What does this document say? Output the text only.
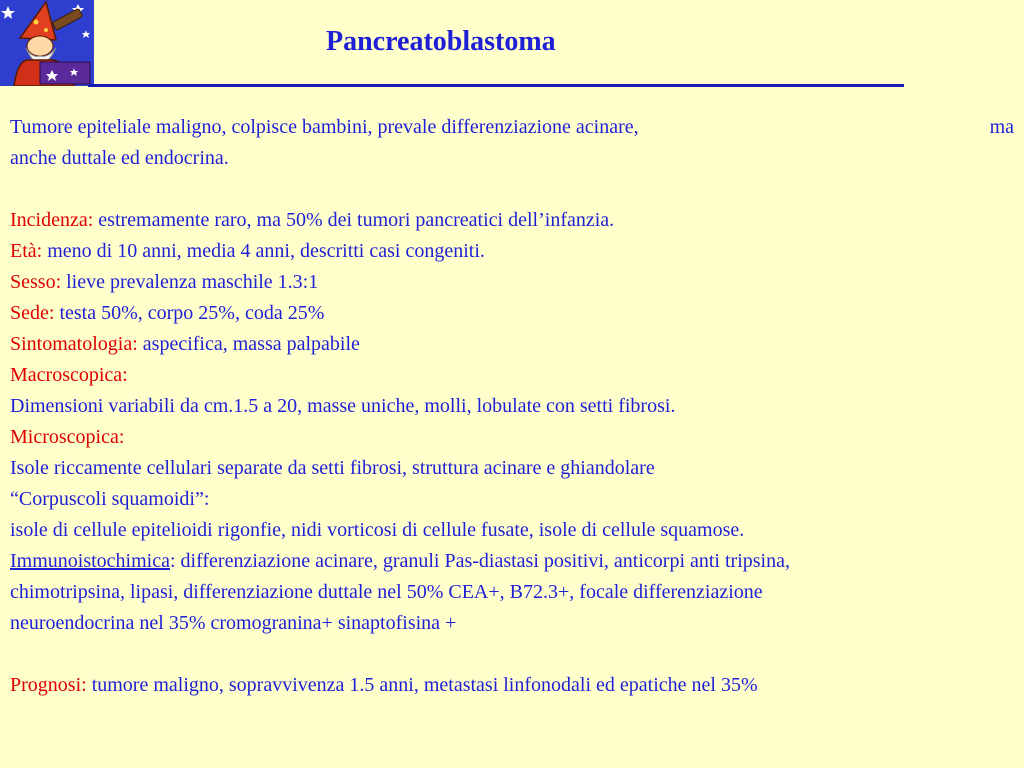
Pancreatoblastoma
Tumore epiteliale maligno, colpisce bambini, prevale differenziazione acinare,	ma
anche duttale ed endocrina.
Incidenza: estremamente raro, ma 50% dei tumori pancreatici dell’infanzia.
Età: meno di 10 anni, media 4 anni, descritti casi congeniti.
Sesso: lieve prevalenza maschile 1.3:1
Sede: testa 50%, corpo 25%, coda 25%
Sintomatologia: aspecifica, massa palpabile
Macroscopica:
Dimensioni variabili da cm.1.5 a 20, masse uniche, molli, lobulate con setti fibrosi.
Microscopica:
Isole riccamente cellulari separate da setti fibrosi, struttura acinare e ghiandolare
“Corpuscoli squamoidi”:
isole di cellule epitelioidi rigonfie, nidi vorticosi di cellule fusate, isole di cellule squamose.
Immunoistochimica: differenziazione acinare, granuli Pas-diastasi positivi, anticorpi anti tripsina,
chimotripsina, lipasi, differenziazione duttale nel 50% CEA+, B72.3+, focale differenziazione
neuroendocrina nel 35% cromogranina+ sinaptofisina +
Prognosi: tumore maligno, sopravvivenza 1.5 anni, metastasi linfonodali ed epatiche nel 35%
